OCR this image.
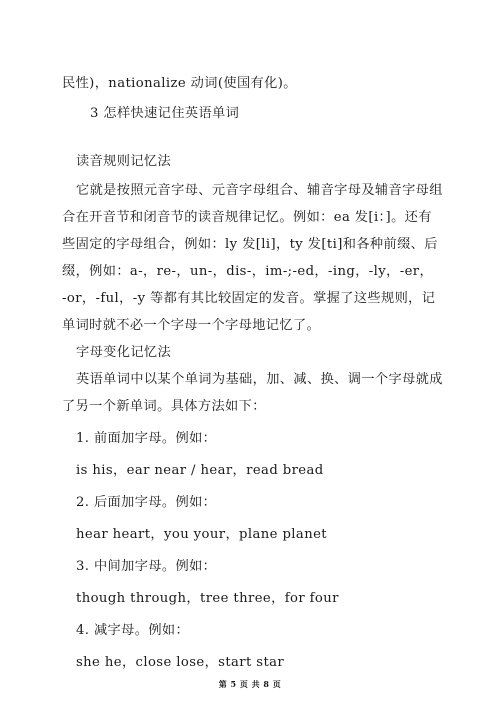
民性)，nationalize 动词(使国有化)。
3 怎样快速记住英语单词
读音规则记忆法
它就是按照元音字母、元音字母组合、辅音字母及辅音字母组
合在开音节和闭音节的读音规律记忆。例如：ea 发[i：]。还有
些固定的字母组合，例如：ly 发[li]，ty 发[ti]和各种前缀、后
缀，例如：a-，re-，un-，dis-，im-;-ed，-ing，-ly，-er，
-or，-ful，-y 等都有其比较固定的发音。掌握了这些规则，记
单词时就不必一个字母一个字母地记忆了。
字母变化记忆法
英语单词中以某个单词为基础，加、减、换、调一个字母就成
了另一个新单词。具体方法如下：
1. 前面加字母。例如：
is his，ear near / hear，read bread
2. 后面加字母。例如：
hear heart，you your，plane planet
3. 中间加字母。例如：
though through，tree three，for four
4. 减字母。例如：
she he，close lose，start star
第 5 页 共 8 页
